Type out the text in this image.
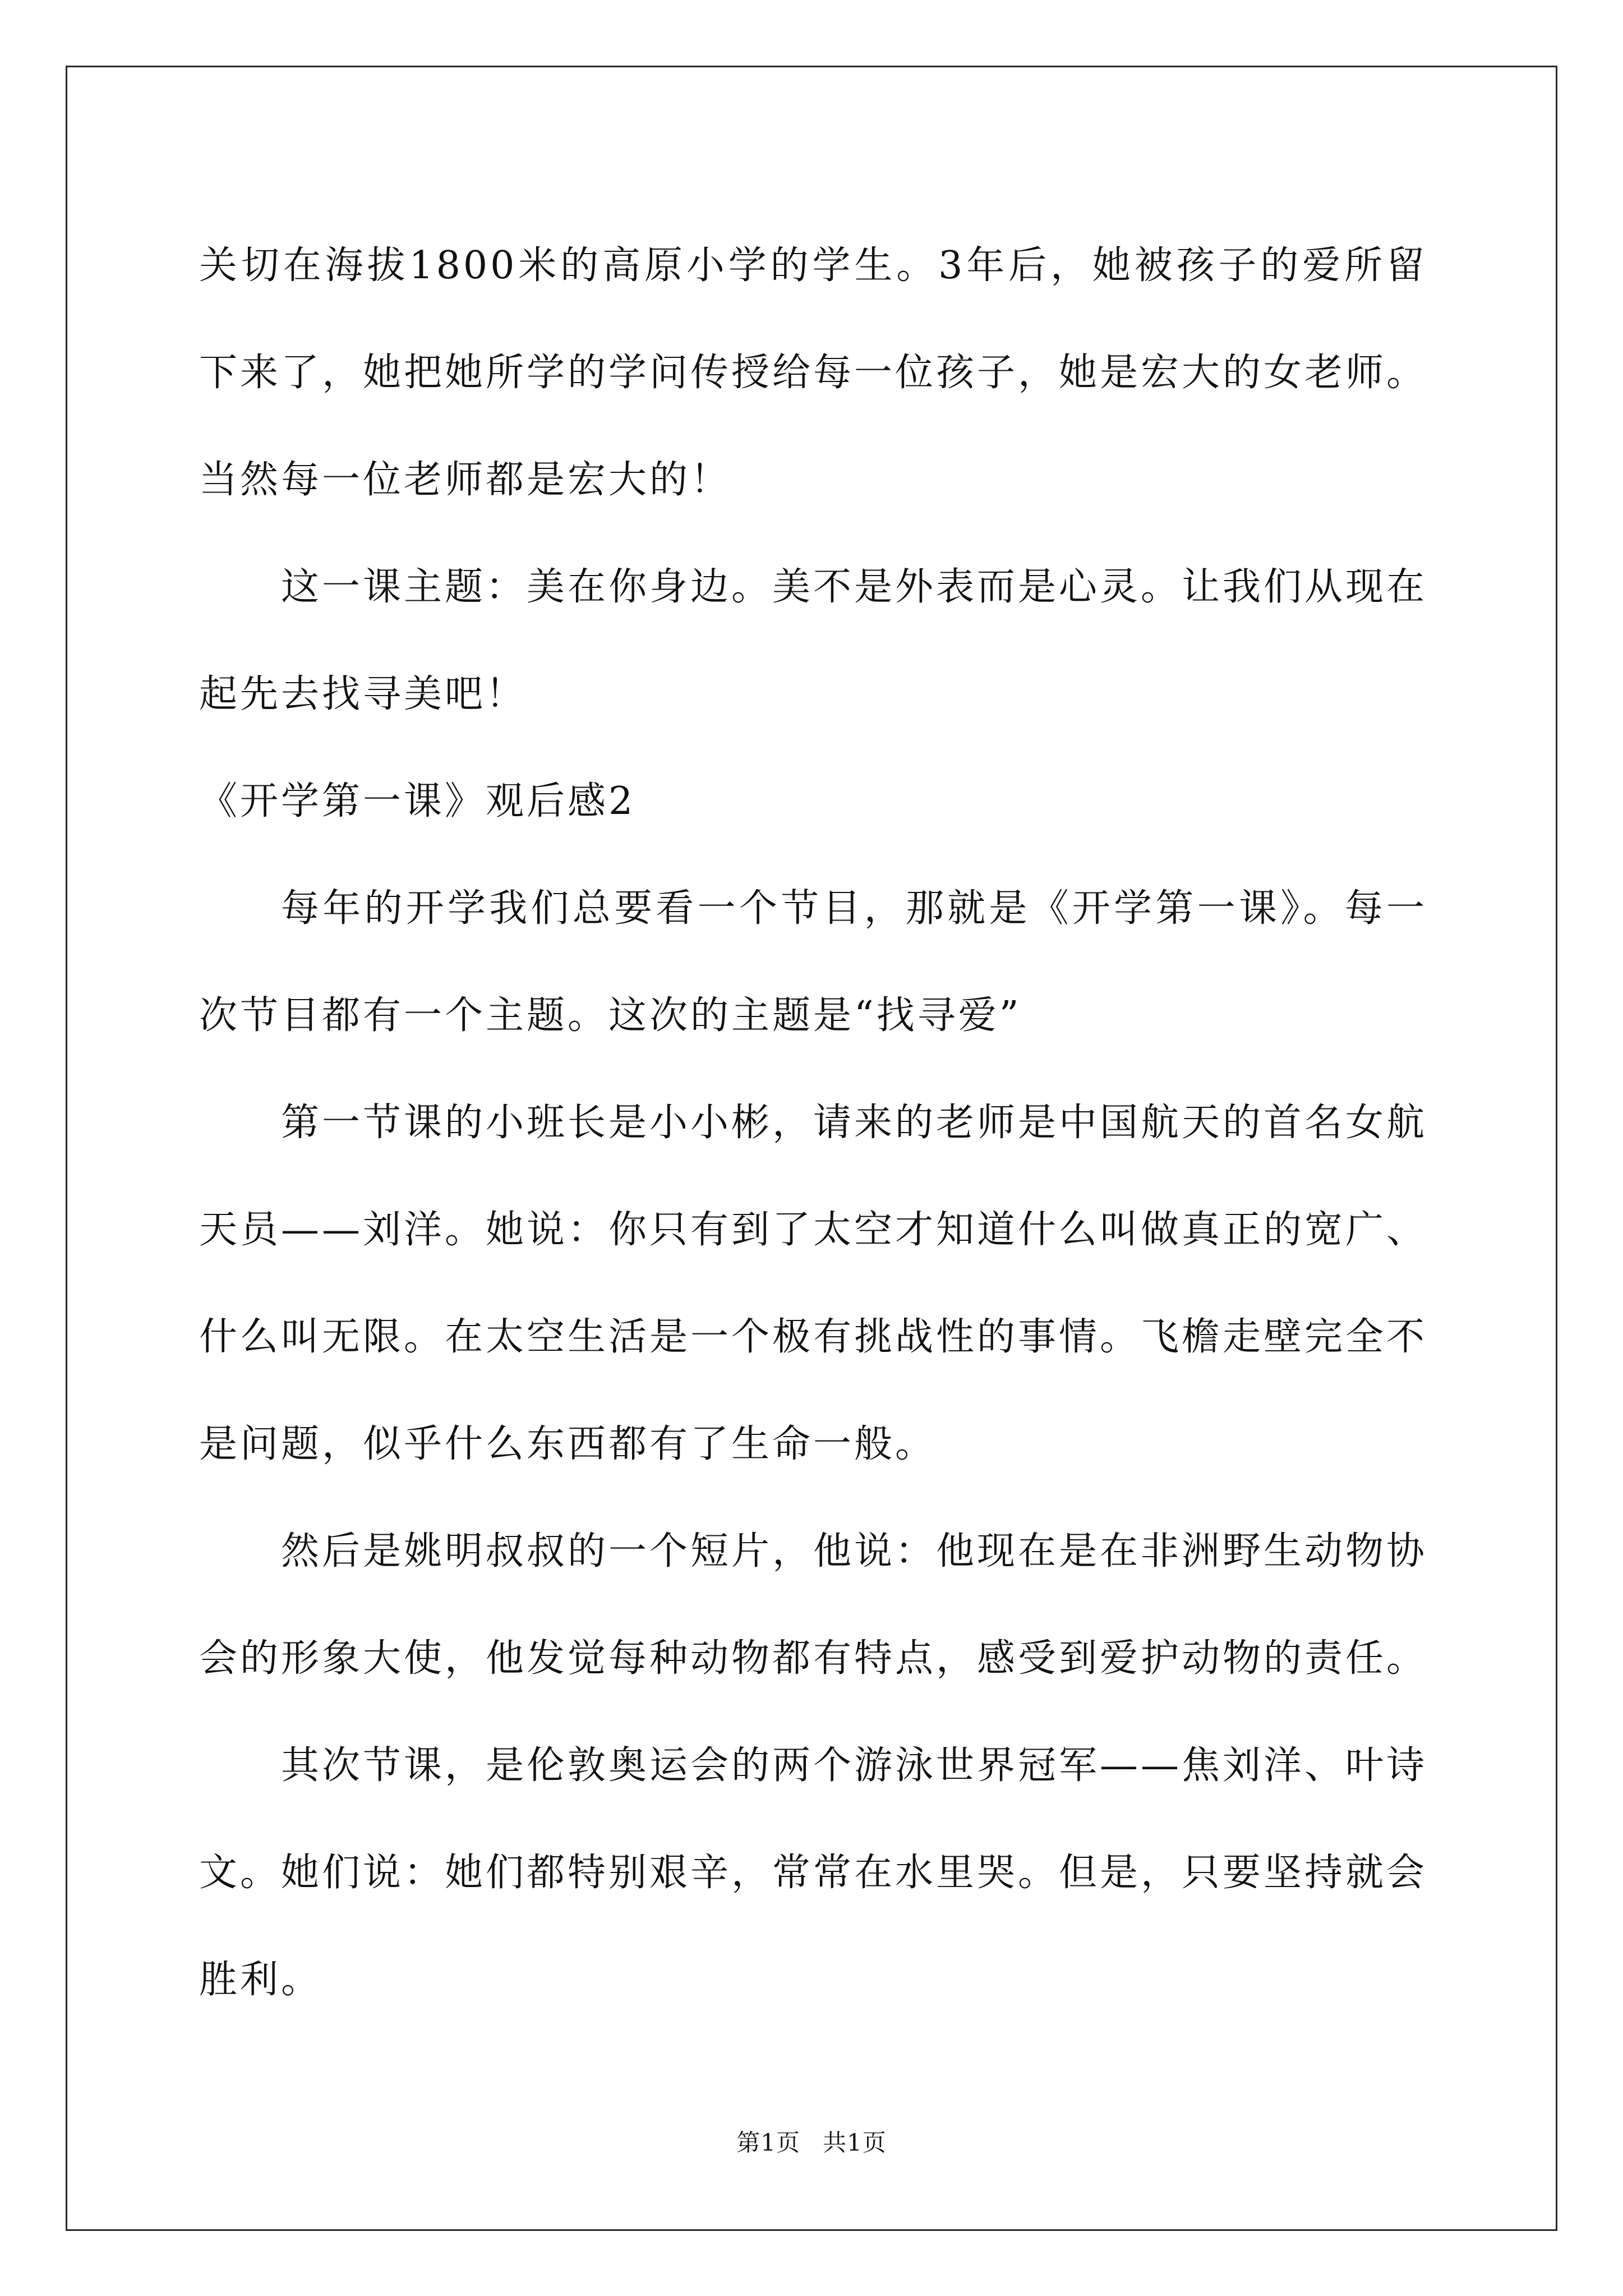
关切在海拔1800米的高原小学的学生。3年后，她被孩子的爱所留下来了，她把她所学的学问传授给每一位孩子，她是宏大的女老师。当然每一位老师都是宏大的！

这一课主题：美在你身边。美不是外表而是心灵。让我们从现在起先去找寻美吧！

《开学第一课》观后感2

每年的开学我们总要看一个节目，那就是《开学第一课》。每一次节目都有一个主题。这次的主题是“找寻爱”

第一节课的小班长是小小彬，请来的老师是中国航天的首名女航天员——刘洋。她说：你只有到了太空才知道什么叫做真正的宽广、什么叫无限。在太空生活是一个极有挑战性的事情。飞檐走壁完全不是问题，似乎什么东西都有了生命一般。

然后是姚明叔叔的一个短片，他说：他现在是在非洲野生动物协会的形象大使，他发觉每种动物都有特点，感受到爱护动物的责任。

其次节课，是伦敦奥运会的两个游泳世界冠军——焦刘洋、叶诗文。她们说：她们都特别艰辛，常常在水里哭。但是，只要坚持就会胜利。

第1页 共1页
